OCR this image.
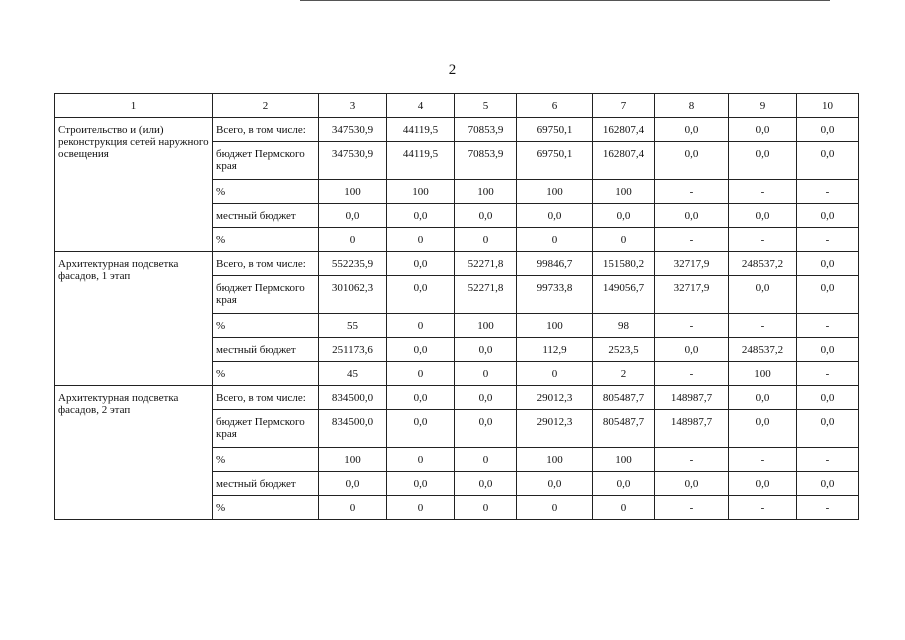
2
1	2	3	4	5	6	7	8	9	10
Строительство и (или) реконструкция сетей наружного освещения	Всего, в том числе:	347530,9	44119,5	70853,9	69750,1	162807,4	0,0	0,0	0,0
	бюджет Пермского края	347530,9	44119,5	70853,9	69750,1	162807,4	0,0	0,0	0,0
	%	100	100	100	100	100	-	-	-
	местный бюджет	0,0	0,0	0,0	0,0	0,0	0,0	0,0	0,0
	%	0	0	0	0	0	-	-	-
Архитектурная подсветка фасадов, 1 этап	Всего, в том числе:	552235,9	0,0	52271,8	99846,7	151580,2	32717,9	248537,2	0,0
	бюджет Пермского края	301062,3	0,0	52271,8	99733,8	149056,7	32717,9	0,0	0,0
	%	55	0	100	100	98	-	-	-
	местный бюджет	251173,6	0,0	0,0	112,9	2523,5	0,0	248537,2	0,0
	%	45	0	0	0	2	-	100	-
Архитектурная подсветка фасадов, 2 этап	Всего, в том числе:	834500,0	0,0	0,0	29012,3	805487,7	148987,7	0,0	0,0
	бюджет Пермского края	834500,0	0,0	0,0	29012,3	805487,7	148987,7	0,0	0,0
	%	100	0	0	100	100	-	-	-
	местный бюджет	0,0	0,0	0,0	0,0	0,0	0,0	0,0	0,0
	%	0	0	0	0	0	-	-	-
